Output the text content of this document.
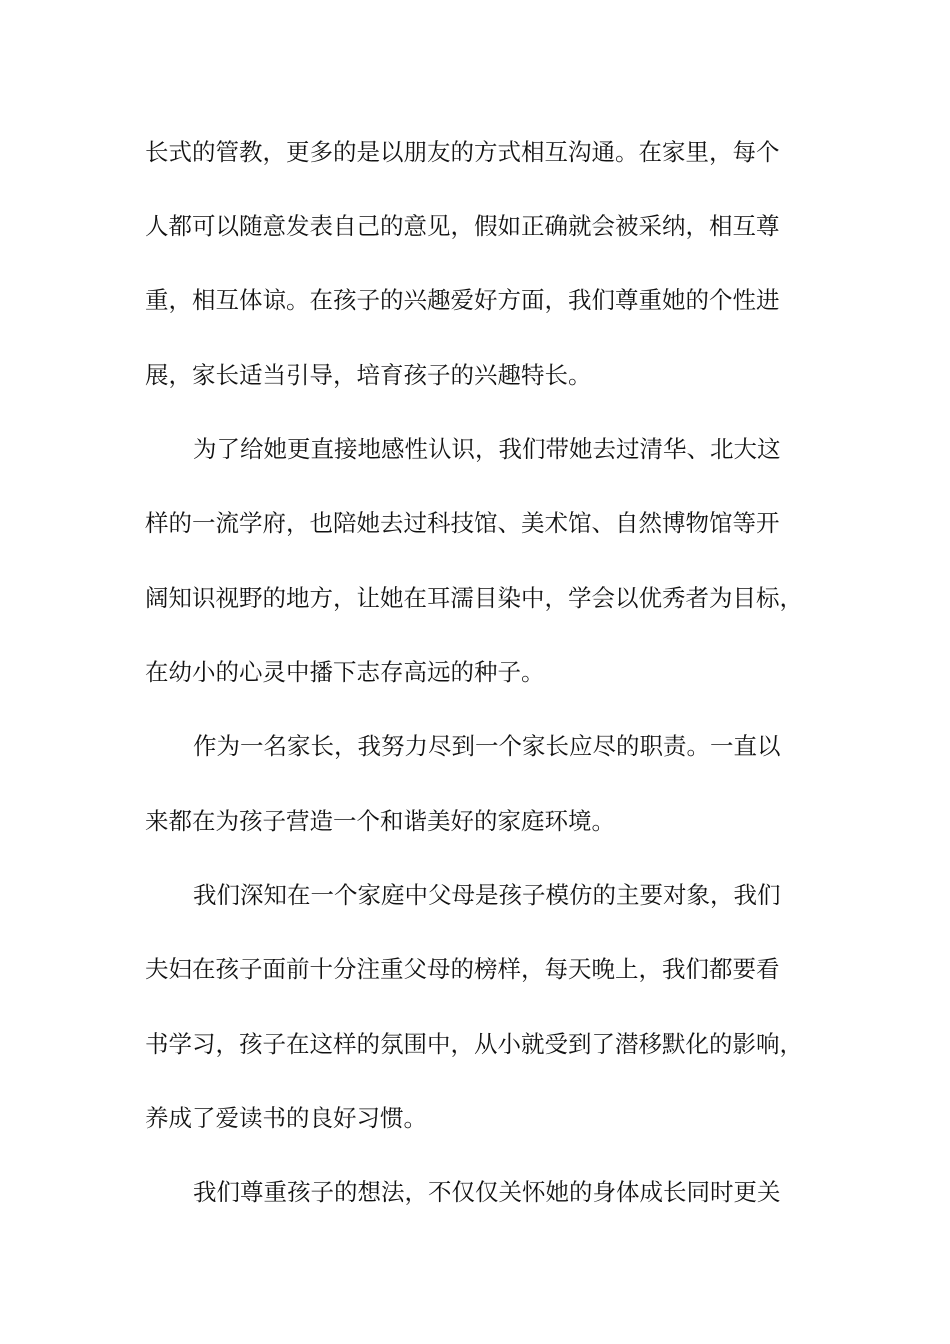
长式的管教，更多的是以朋友的方式相互沟通。在家里，每个
人都可以随意发表自己的意见，假如正确就会被采纳，相互尊
重，相互体谅。在孩子的兴趣爱好方面，我们尊重她的个性进
展，家长适当引导，培育孩子的兴趣特长。
为了给她更直接地感性认识，我们带她去过清华、北大这
样的一流学府，也陪她去过科技馆、美术馆、自然博物馆等开
阔知识视野的地方，让她在耳濡目染中，学会以优秀者为目标，
在幼小的心灵中播下志存高远的种子。
作为一名家长，我努力尽到一个家长应尽的职责。一直以
来都在为孩子营造一个和谐美好的家庭环境。
我们深知在一个家庭中父母是孩子模仿的主要对象，我们
夫妇在孩子面前十分注重父母的榜样，每天晚上，我们都要看
书学习，孩子在这样的氛围中，从小就受到了潜移默化的影响，
养成了爱读书的良好习惯。
我们尊重孩子的想法，不仅仅关怀她的身体成长同时更关
